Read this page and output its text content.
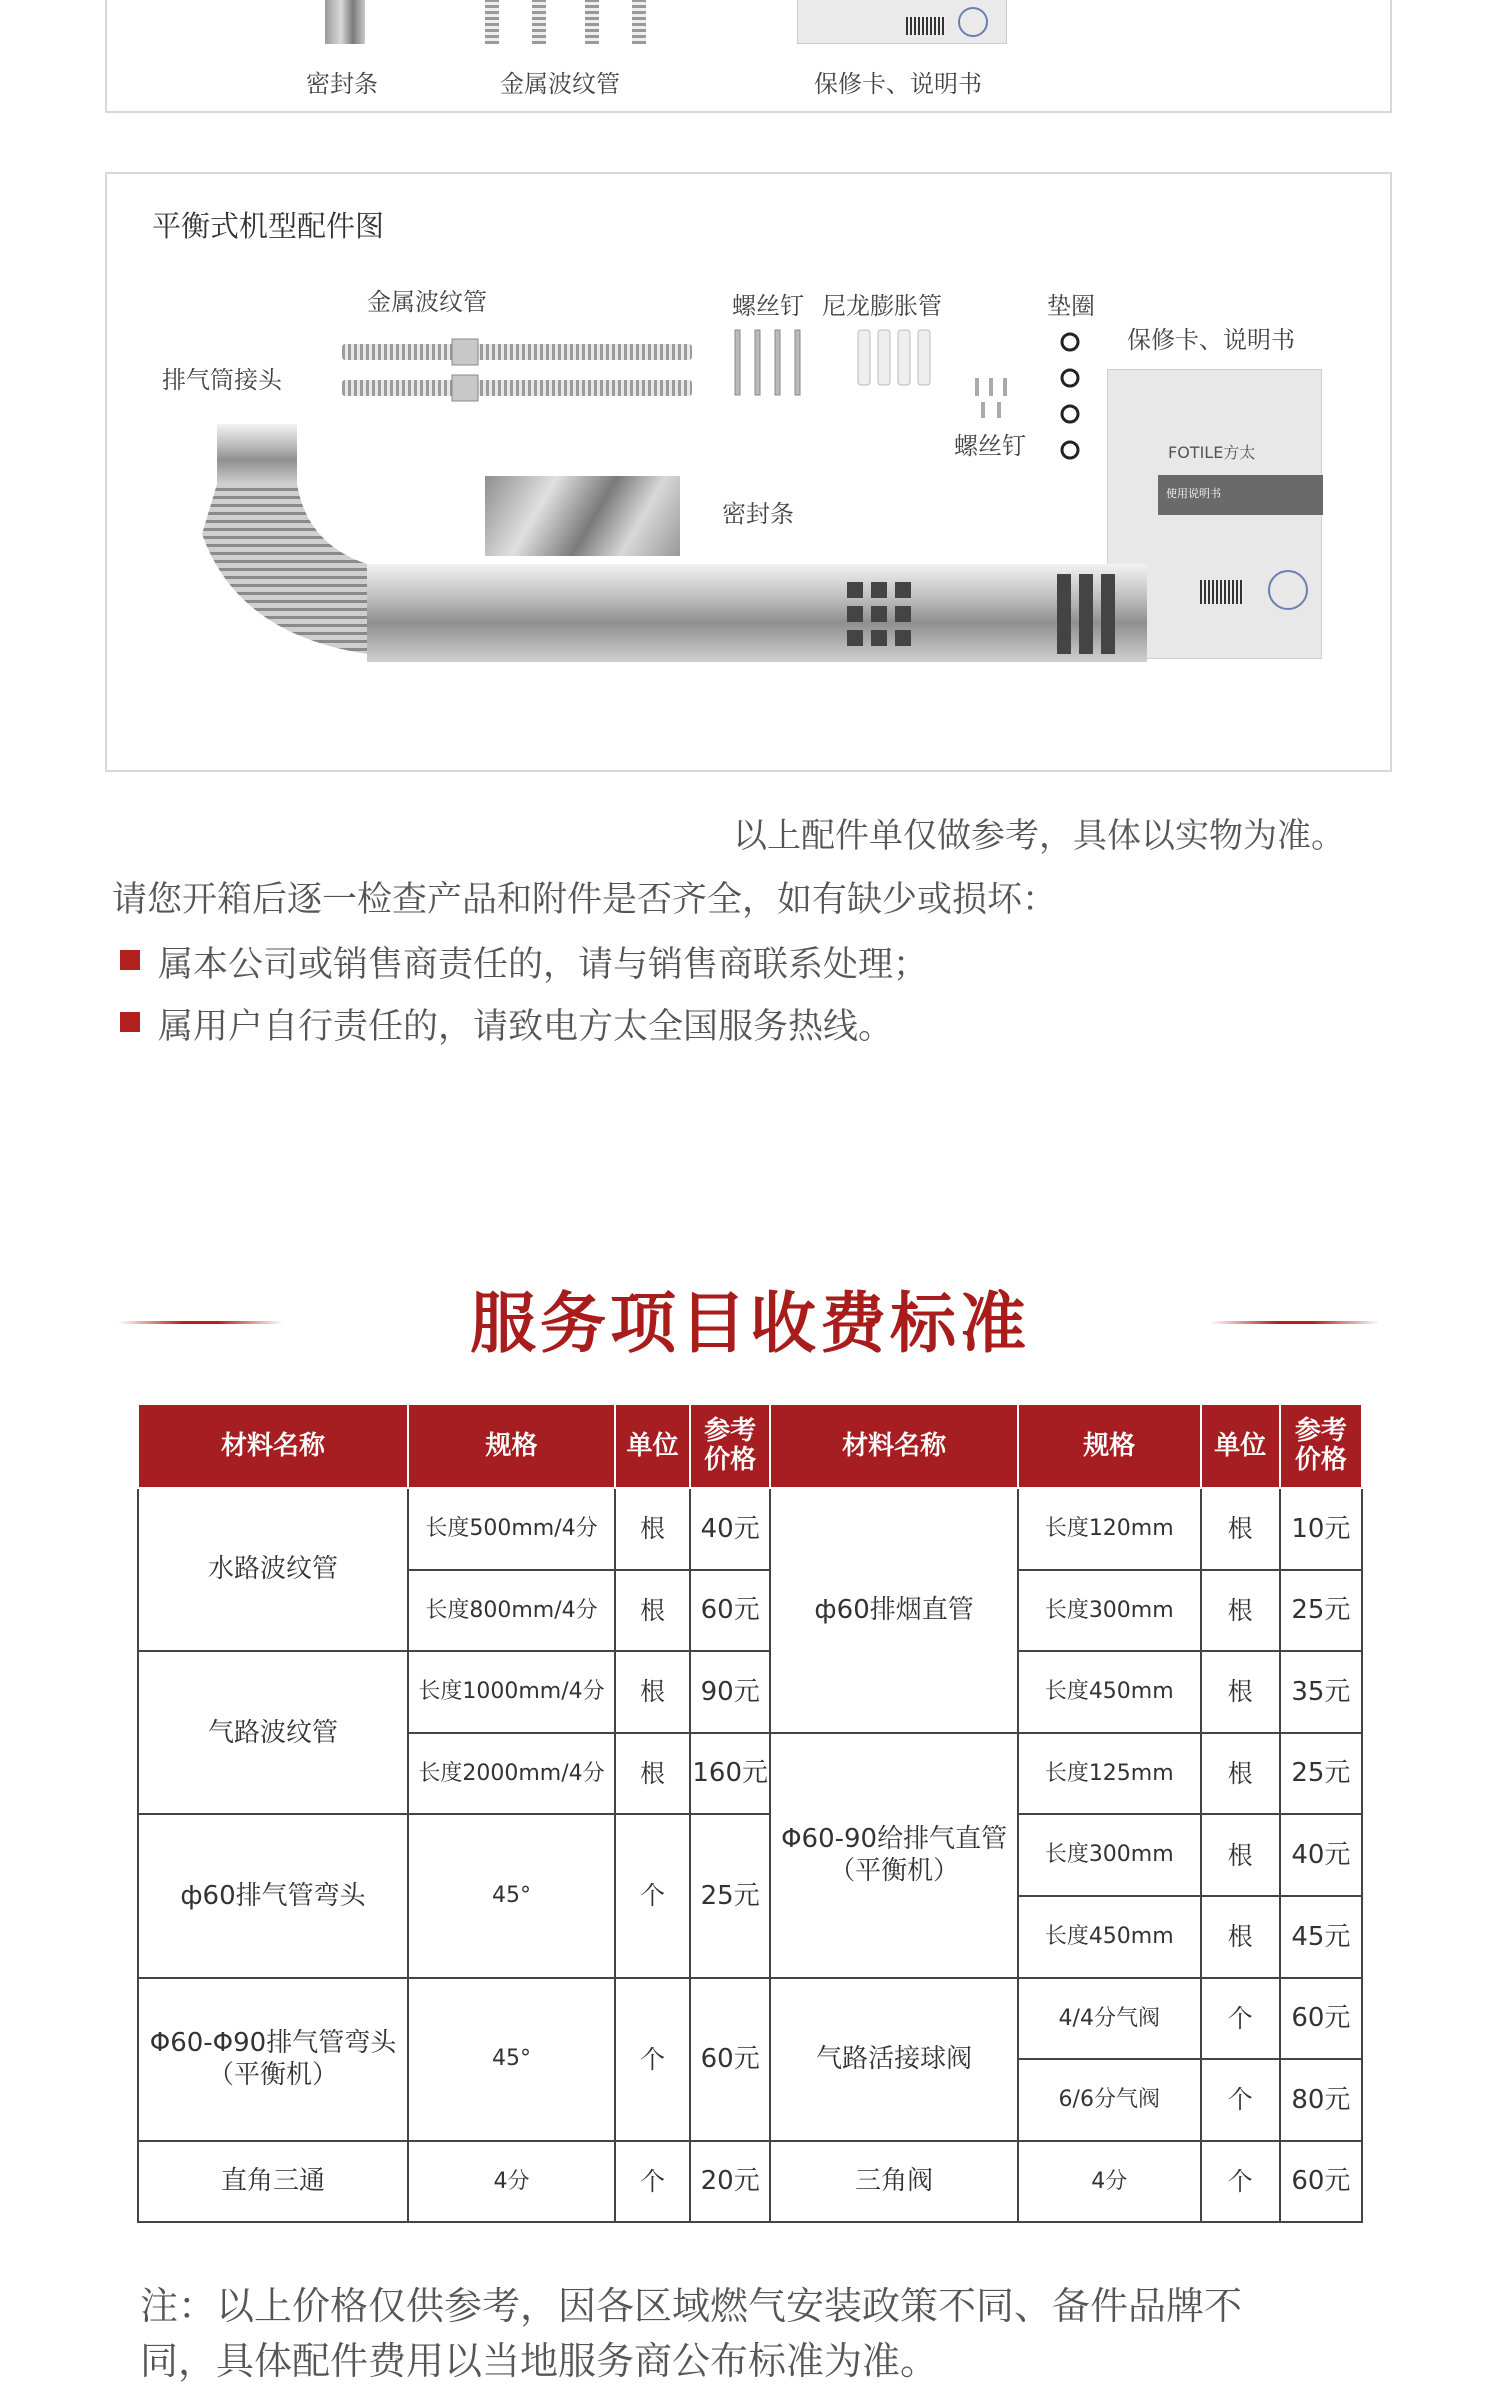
密封条	金属波纹管	保修卡、说明书
平衡式机型配件图
金属波纹管
排气筒接头
螺丝钉 尼龙膨胀管	垫圈
保修卡、说明书
螺丝钉
密封条
FOTILE方太
使用说明书
以上配件单仅做参考，具体以实物为准。
请您开箱后逐一检查产品和附件是否齐全，如有缺少或损坏：
属本公司或销售商责任的，请与销售商联系处理；
属用户自行责任的，请致电方太全国服务热线。
服务项目收费标准
材料名称	规格	单位	参考价格	材料名称	规格	单位	参考价格
水路波纹管	长度500mm/4分	根	40元	ф60排烟直管	长度120mm	根	10元
	长度800mm/4分	根	60元		长度300mm	根	25元
气路波纹管	长度1000mm/4分	根	90元		长度450mm	根	35元
	长度2000mm/4分	根	160元	Φ60-90给排气直管（平衡机）	长度125mm	根	25元
ф60排气管弯头	45°	个	25元		长度300mm	根	40元
					长度450mm	根	45元
Φ60-Φ90排气管弯头（平衡机）	45°	个	60元	气路活接球阀	4/4分气阀	个	60元
					6/6分气阀	个	80元
直角三通	4分	个	20元	三角阀	4分	个	60元
注：以上价格仅供参考，因各区域燃气安装政策不同、备件品牌不
同，具体配件费用以当地服务商公布标准为准。
